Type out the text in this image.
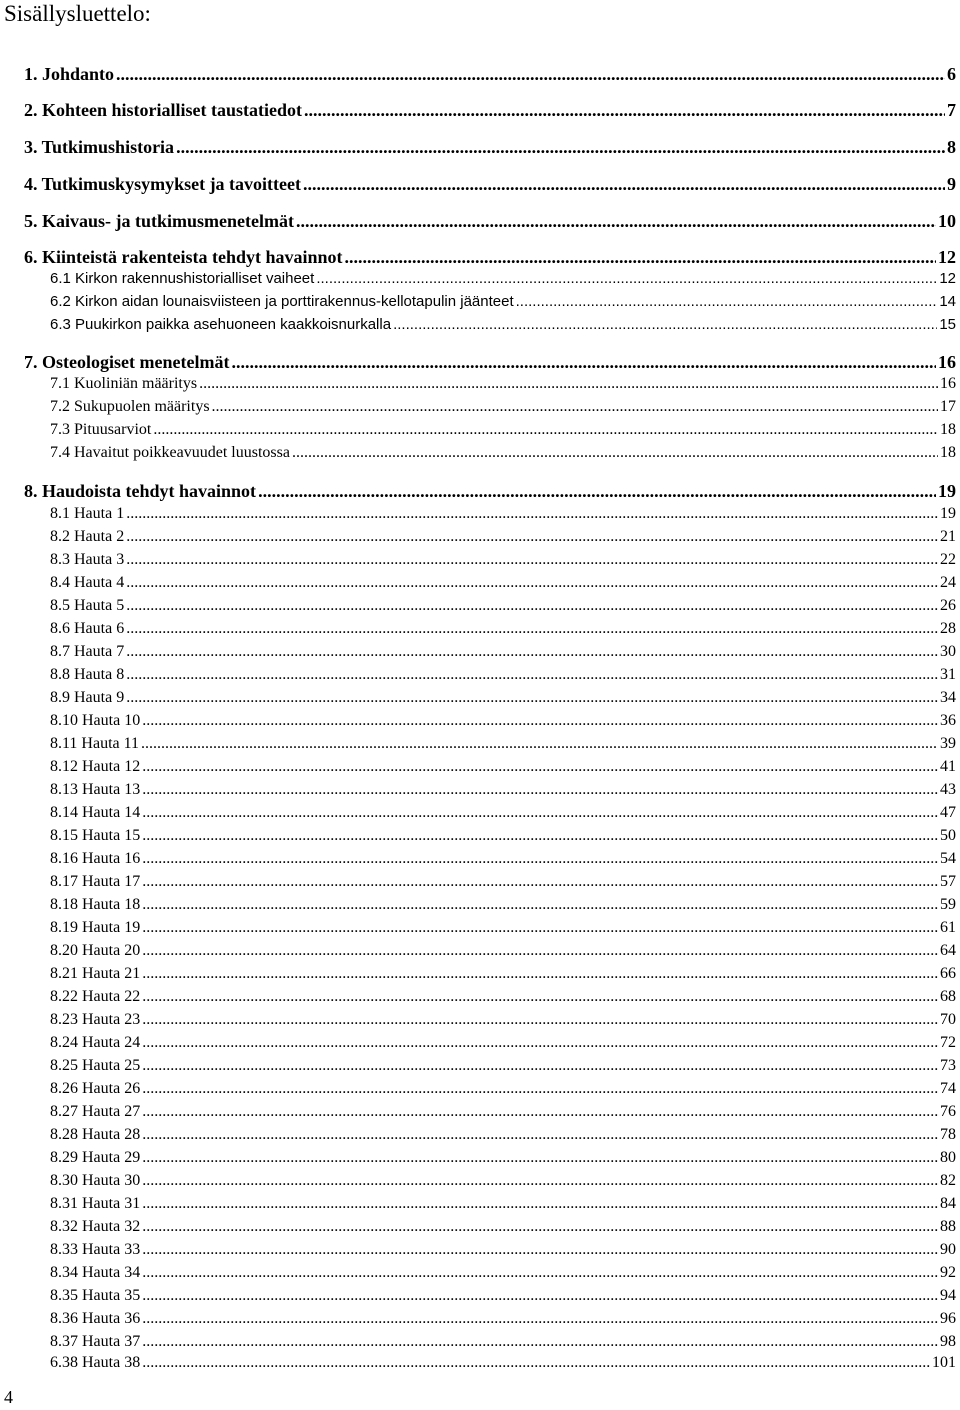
Sisällysluettelo:
1. Johdanto .....	6
2. Kohteen historialliset taustatiedot .....	7
3. Tutkimushistoria .....	8
4. Tutkimuskysymykset ja tavoitteet .....	9
5. Kaivaus- ja tutkimusmenetelmät .....	10
6. Kiinteistä rakenteista tehdyt havainnot .....	12
6.1 Kirkon rakennushistorialliset vaiheet .....	12
6.2 Kirkon aidan lounaisviisteen ja porttirakennus-kellotapulin jäänteet .....	14
6.3 Puukirkon paikka asehuoneen kaakkoisnurkalla .....	15
7. Osteologiset menetelmät .....	16
7.1 Kuoliniän määritys .....	16
7.2 Sukupuolen määritys .....	17
7.3 Pituusarviot .....	18
7.4 Havaitut poikkeavuudet luustossa .....	18
8. Haudoista tehdyt havainnot .....	19
8.1 Hauta 1 .....	19
8.2 Hauta 2 .....	21
8.3 Hauta 3 .....	22
8.4 Hauta 4 .....	24
8.5 Hauta 5 .....	26
8.6 Hauta 6 .....	28
8.7 Hauta 7 .....	30
8.8 Hauta 8 .....	31
8.9 Hauta 9 .....	34
8.10 Hauta 10 .....	36
8.11 Hauta 11 .....	39
8.12 Hauta 12 .....	41
8.13 Hauta 13 .....	43
8.14 Hauta 14 .....	47
8.15 Hauta 15 .....	50
8.16 Hauta 16 .....	54
8.17 Hauta 17 .....	57
8.18 Hauta 18 .....	59
8.19 Hauta 19 .....	61
8.20 Hauta 20 .....	64
8.21 Hauta 21 .....	66
8.22 Hauta 22 .....	68
8.23 Hauta 23 .....	70
8.24 Hauta 24 .....	72
8.25 Hauta 25 .....	73
8.26 Hauta 26 .....	74
8.27 Hauta 27 .....	76
8.28 Hauta 28 .....	78
8.29 Hauta 29 .....	80
8.30 Hauta 30 .....	82
8.31 Hauta 31 .....	84
8.32 Hauta 32 .....	88
8.33 Hauta 33 .....	90
8.34 Hauta 34 .....	92
8.35 Hauta 35 .....	94
8.36 Hauta 36 .....	96
8.37 Hauta 37 .....	98
6.38 Hauta 38 .....	101
4
